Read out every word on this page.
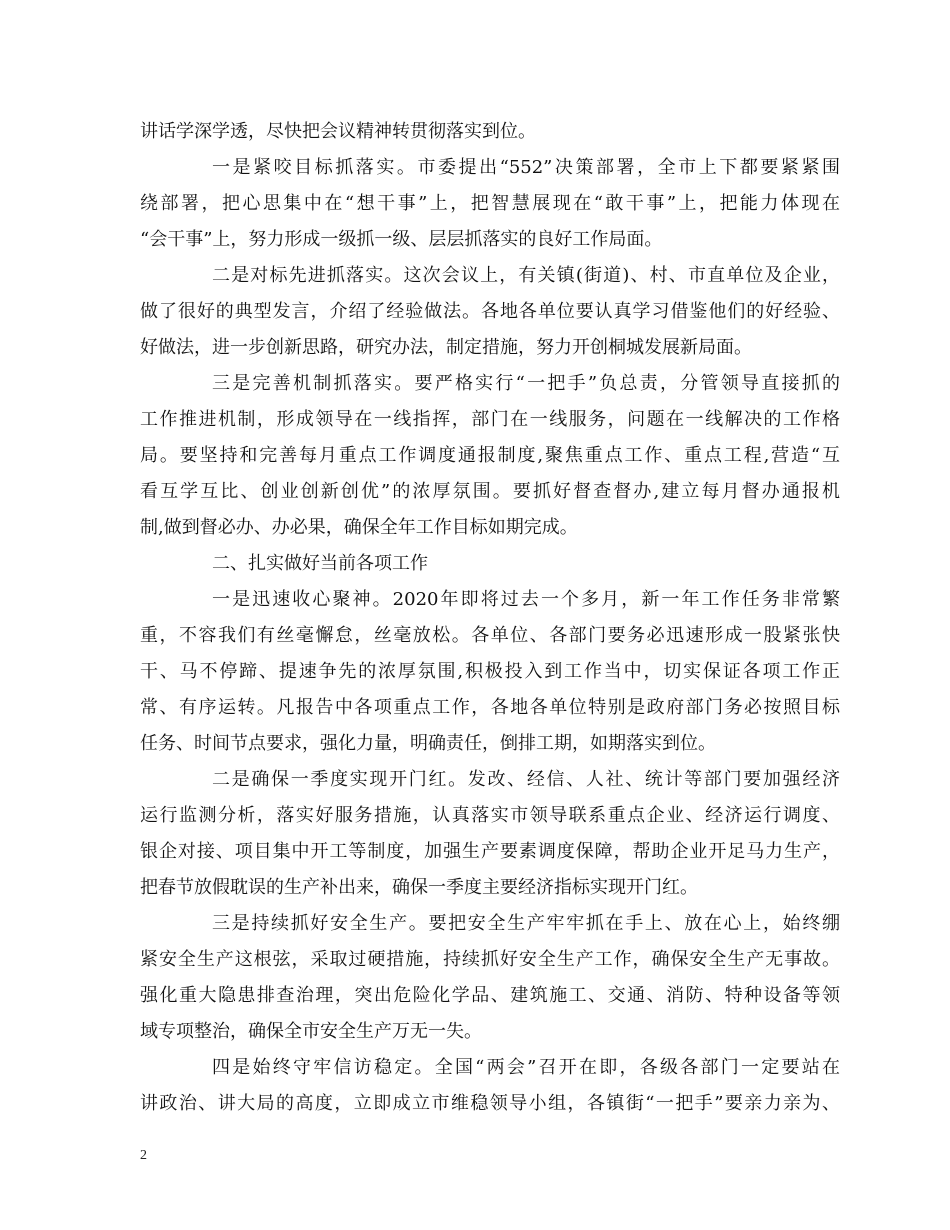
讲话学深学透，尽快把会议精神转贯彻落实到位。
一是紧咬目标抓落实。市委提出“552”决策部署，全市上下都要紧紧围
绕部署，把心思集中在“想干事”上，把智慧展现在“敢干事”上，把能力体现在
“会干事”上，努力形成一级抓一级、层层抓落实的良好工作局面。
二是对标先进抓落实。这次会议上，有关镇(街道)、村、市直单位及企业，
做了很好的典型发言，介绍了经验做法。各地各单位要认真学习借鉴他们的好经验、
好做法，进一步创新思路，研究办法，制定措施，努力开创桐城发展新局面。
三是完善机制抓落实。要严格实行“一把手”负总责，分管领导直接抓的
工作推进机制，形成领导在一线指挥，部门在一线服务，问题在一线解决的工作格
局。要坚持和完善每月重点工作调度通报制度,聚焦重点工作、重点工程,营造“互
看互学互比、创业创新创优”的浓厚氛围。要抓好督查督办,建立每月督办通报机
制,做到督必办、办必果，确保全年工作目标如期完成。
二、扎实做好当前各项工作
一是迅速收心聚神。2020年即将过去一个多月，新一年工作任务非常繁
重，不容我们有丝毫懈怠，丝毫放松。各单位、各部门要务必迅速形成一股紧张快
干、马不停蹄、提速争先的浓厚氛围,积极投入到工作当中，切实保证各项工作正
常、有序运转。凡报告中各项重点工作，各地各单位特别是政府部门务必按照目标
任务、时间节点要求，强化力量，明确责任，倒排工期，如期落实到位。
二是确保一季度实现开门红。发改、经信、人社、统计等部门要加强经济
运行监测分析，落实好服务措施，认真落实市领导联系重点企业、经济运行调度、
银企对接、项目集中开工等制度，加强生产要素调度保障，帮助企业开足马力生产，
把春节放假耽误的生产补出来，确保一季度主要经济指标实现开门红。
三是持续抓好安全生产。要把安全生产牢牢抓在手上、放在心上，始终绷
紧安全生产这根弦，采取过硬措施，持续抓好安全生产工作，确保安全生产无事故。
强化重大隐患排查治理，突出危险化学品、建筑施工、交通、消防、特种设备等领
域专项整治，确保全市安全生产万无一失。
四是始终守牢信访稳定。全国“两会”召开在即，各级各部门一定要站在
讲政治、讲大局的高度，立即成立市维稳领导小组，各镇街“一把手”要亲力亲为、
2
